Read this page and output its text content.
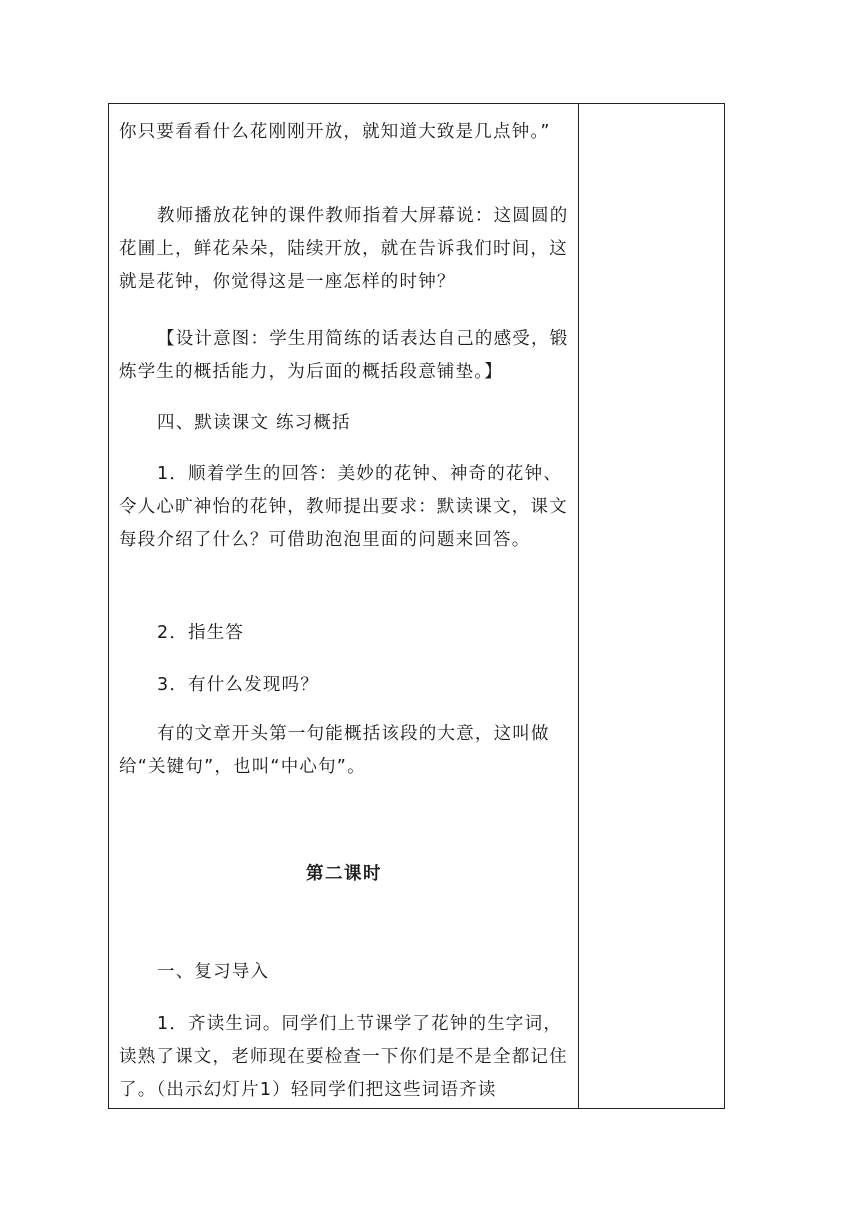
你只要看看什么花刚刚开放，就知道大致是几点钟。”

教师播放花钟的课件教师指着大屏幕说：这圆圆的花圃上，鲜花朵朵，陆续开放，就在告诉我们时间，这就是花钟，你觉得这是一座怎样的时钟？

【设计意图：学生用简练的话表达自己的感受，锻炼学生的概括能力，为后面的概括段意铺垫。】

四、默读课文 练习概括

1．顺着学生的回答：美妙的花钟、神奇的花钟、令人心旷神怡的花钟，教师提出要求：默读课文，课文每段介绍了什么？可借助泡泡里面的问题来回答。

2．指生答

3．有什么发现吗？

有的文章开头第一句能概括该段的大意，这叫做给“关键句”，也叫“中心句”。

第二课时

一、复习导入

1．齐读生词。同学们上节课学了花钟的生字词，读熟了课文，老师现在要检查一下你们是不是全都记住了。（出示幻灯片1）轻同学们把这些词语齐读
